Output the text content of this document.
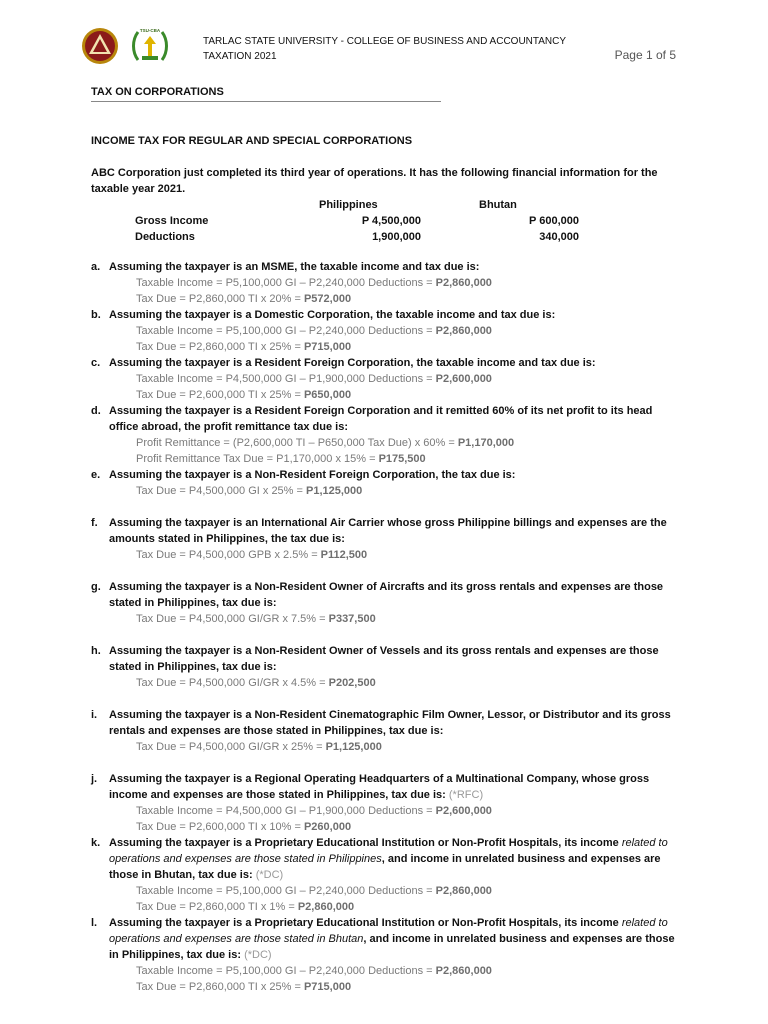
TSU-CBA
TARLAC STATE UNIVERSITY - COLLEGE OF BUSINESS AND ACCOUNTANCY
TAXATION 2021	Page 1 of 5
TAX ON CORPORATIONS
INCOME TAX FOR REGULAR AND SPECIAL CORPORATIONS
ABC Corporation just completed its third year of operations. It has the following financial information for the taxable year 2021.
	Philippines	Bhutan
Gross Income	P 4,500,000	P 600,000
Deductions	1,900,000	340,000
a. Assuming the taxpayer is an MSME, the taxable income and tax due is:
Taxable Income = P5,100,000 GI – P2,240,000 Deductions = P2,860,000
Tax Due = P2,860,000 TI x 20% = P572,000
b. Assuming the taxpayer is a Domestic Corporation, the taxable income and tax due is:
Taxable Income = P5,100,000 GI – P2,240,000 Deductions = P2,860,000
Tax Due = P2,860,000 TI x 25% = P715,000
c. Assuming the taxpayer is a Resident Foreign Corporation, the taxable income and tax due is:
Taxable Income = P4,500,000 GI – P1,900,000 Deductions = P2,600,000
Tax Due = P2,600,000 TI x 25% = P650,000
d. Assuming the taxpayer is a Resident Foreign Corporation and it remitted 60% of its net profit to its head office abroad, the profit remittance tax due is:
Profit Remittance = (P2,600,000 TI – P650,000 Tax Due) x 60% = P1,170,000
Profit Remittance Tax Due = P1,170,000 x 15% = P175,500
e. Assuming the taxpayer is a Non-Resident Foreign Corporation, the tax due is:
Tax Due = P4,500,000 GI x 25% = P1,125,000
f.	Assuming the taxpayer is an International Air Carrier whose gross Philippine billings and expenses are the amounts stated in Philippines, the tax due is:
Tax Due = P4,500,000 GPB x 2.5% = P112,500
g. Assuming the taxpayer is a Non-Resident Owner of Aircrafts and its gross rentals and expenses are those stated in Philippines, tax due is:
Tax Due = P4,500,000 GI/GR x 7.5% = P337,500
h. Assuming the taxpayer is a Non-Resident Owner of Vessels and its gross rentals and expenses are those stated in Philippines, tax due is:
Tax Due = P4,500,000 GI/GR x 4.5% = P202,500
i.	Assuming the taxpayer is a Non-Resident Cinematographic Film Owner, Lessor, or Distributor and its gross rentals and expenses are those stated in Philippines, tax due is:
Tax Due = P4,500,000 GI/GR x 25% = P1,125,000
j.	Assuming the taxpayer is a Regional Operating Headquarters of a Multinational Company, whose gross income and expenses are those stated in Philippines, tax due is: (*RFC)
Taxable Income = P4,500,000 GI – P1,900,000 Deductions = P2,600,000
Tax Due = P2,600,000 TI x 10% = P260,000
k. Assuming the taxpayer is a Proprietary Educational Institution or Non-Profit Hospitals, its income related to operations and expenses are those stated in Philippines, and income in unrelated business and expenses are those in Bhutan, tax due is: (*DC)
Taxable Income = P5,100,000 GI – P2,240,000 Deductions = P2,860,000
Tax Due = P2,860,000 TI x 1% = P2,860,000
l.	Assuming the taxpayer is a Proprietary Educational Institution or Non-Profit Hospitals, its income related to operations and expenses are those stated in Bhutan, and income in unrelated business and expenses are those in Philippines, tax due is: (*DC)
Taxable Income = P5,100,000 GI – P2,240,000 Deductions = P2,860,000
Tax Due = P2,860,000 TI x 25% = P715,000
